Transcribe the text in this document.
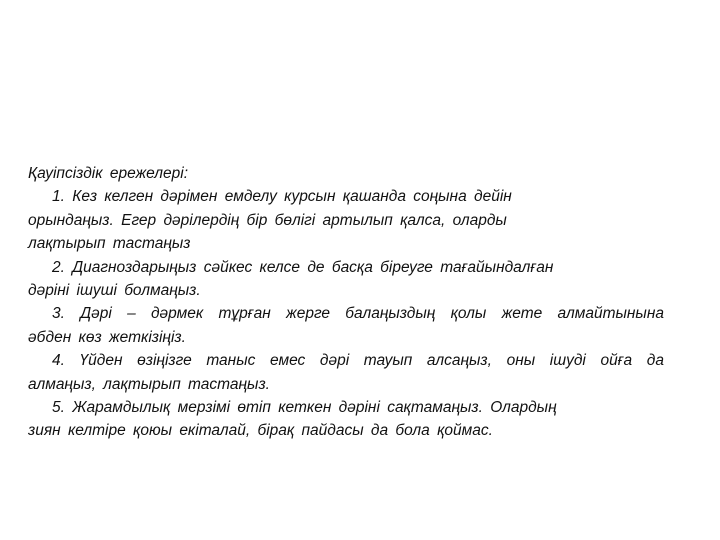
Қауіпсіздік ережелері:
1. Кез келген дәрімен емделу курсын қашанда соңына дейін
орындаңыз. Егер дәрілердің бір бөлігі артылып қалса, оларды
лақтырып тастаңыз
2. Диагноздарыңыз сәйкес келсе де басқа біреуге тағайындалған
дәріні ішуші болмаңыз.
3. Дәрі – дәрмек тұрған жерге балаңыздың қолы жете алмайтынына
әбден көз жеткізіңіз.
4. Үйден өзіңізге таныс емес дәрі тауып алсаңыз, оны ішуді ойға да
алмаңыз, лақтырып тастаңыз.
5. Жарамдылық мерзімі өтіп кеткен дәріні сақтамаңыз. Олардың
зиян келтіре қоюы екіталай, бірақ пайдасы да бола қоймас.
